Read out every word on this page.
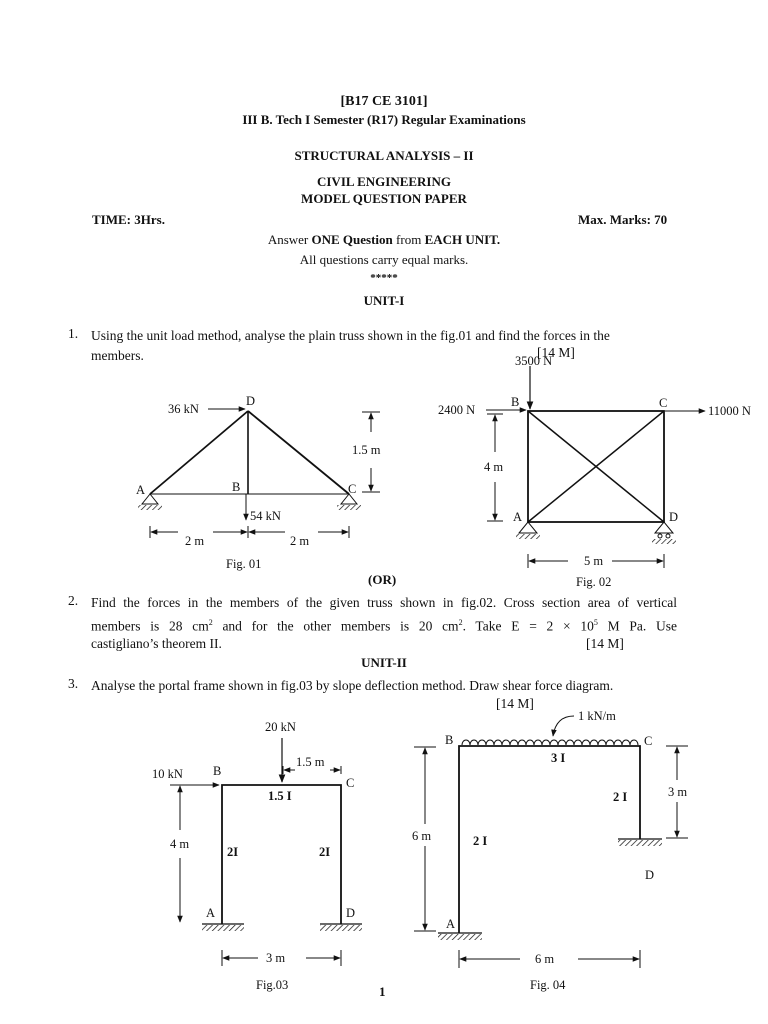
[B17 CE 3101]
III B. Tech I Semester (R17) Regular Examinations
STRUCTURAL ANALYSIS – II
CIVIL ENGINEERING
MODEL QUESTION PAPER
TIME: 3Hrs.	Max. Marks: 70
Answer ONE Question from EACH UNIT.
All questions carry equal marks.
*****
UNIT-I
1. Using the unit load method, analyse the plain truss shown in the fig.01 and find the forces in the
members.	[14 M]
(OR)
2. Find the forces in the members of the given truss shown in fig.02. Cross section area of vertical
members is 28 $cm^2$ and for the other members is 20 $cm^2$. Take $E = 2 \times 10^5$ M Pa. Use
castigliano’s theorem II.	[14 M]
UNIT-II
3. Analyse the portal frame shown in fig.03 by slope deflection method. Draw shear force diagram.
[14 M]
1
36 kN
D
A	B	C
54 kN
1.5 m
2 m	2 m
Fig. 01
3500 N
2400 N	11000 N
B	C
A	D
4 m
5 m
Fig. 02
20 kN
10 kN B
C
1.5 m
1.5 I
2I	2I
4 m
A	D
3 m
Fig.03
1 kN/m
B	C
3 I
2 I
2 I
6 m
3 m
D
A
6 m
Fig. 04
